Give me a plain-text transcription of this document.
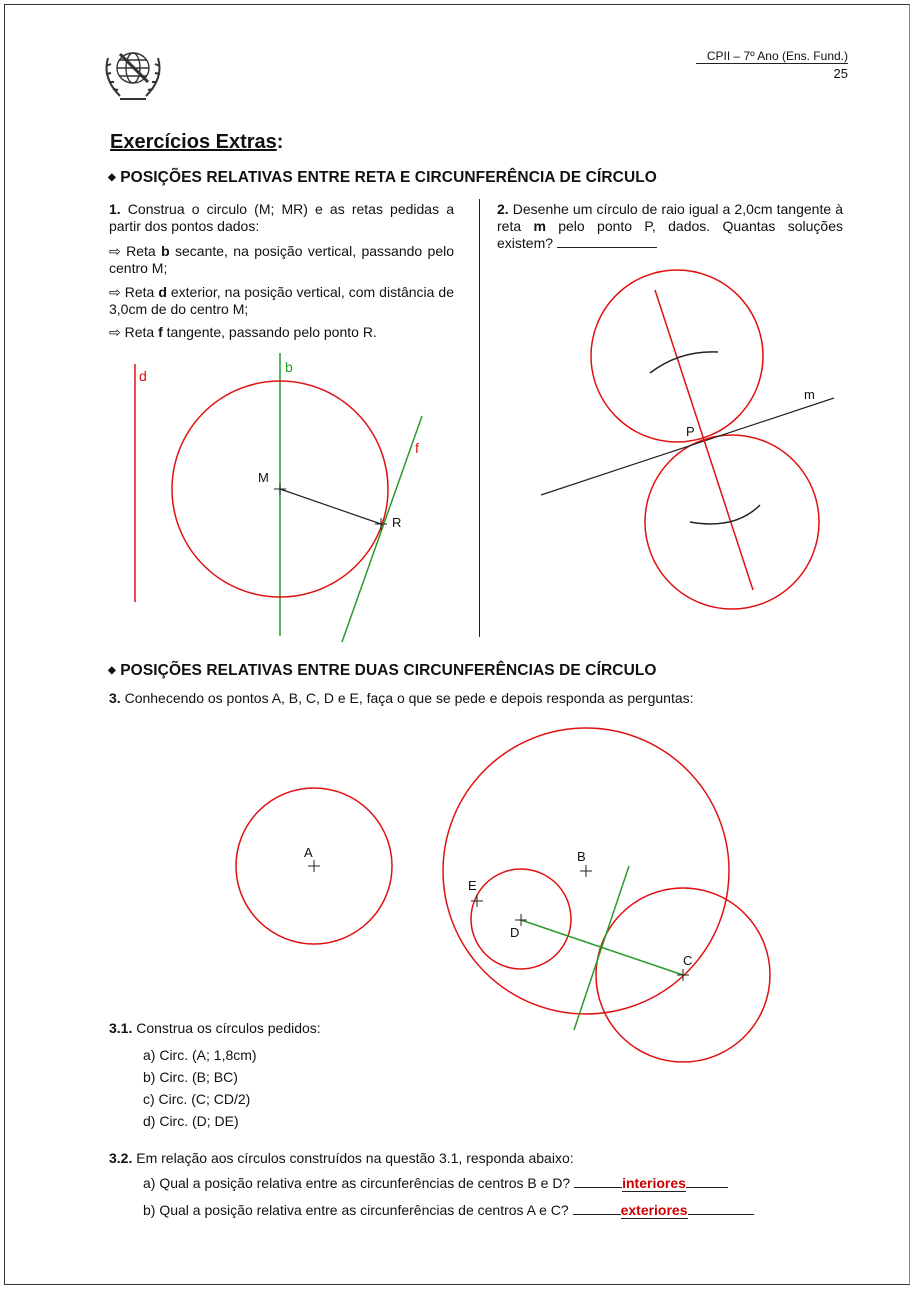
CPII – 7º Ano (Ens. Fund.)
25
Exercícios Extras:
◆ POSIÇÕES RELATIVAS ENTRE RETA E CIRCUNFERÊNCIA DE CÍRCULO
1. Construa o circulo (M; MR) e as retas pedidas a partir dos pontos dados:
⇨ Reta b secante, na posição vertical, passando pelo centro M;
⇨ Reta d exterior, na posição vertical, com distância de 3,0cm de do centro M;
⇨ Reta f tangente, passando pelo ponto R.
2. Desenhe um círculo de raio igual a 2,0cm tangente à reta m pelo ponto P, dados. Quantas soluções existem?
d
b
f
M
R
m
P
A	B
C
D
E
◆ POSIÇÕES RELATIVAS ENTRE DUAS CIRCUNFERÊNCIAS DE CÍRCULO
3. Conhecendo os pontos A, B, C, D e E, faça o que se pede e depois responda as perguntas:
3.1. Construa os círculos pedidos:
a) Circ. (A; 1,8cm)
b) Circ. (B; BC)
c) Circ. (C; CD/2)
d) Circ. (D; DE)
3.2. Em relação aos círculos construídos na questão 3.1, responda abaixo:
a) Qual a posição relativa entre as circunferências de centros B e D?	interiores
b) Qual a posição relativa entre as circunferências de centros A e C?	exteriores
